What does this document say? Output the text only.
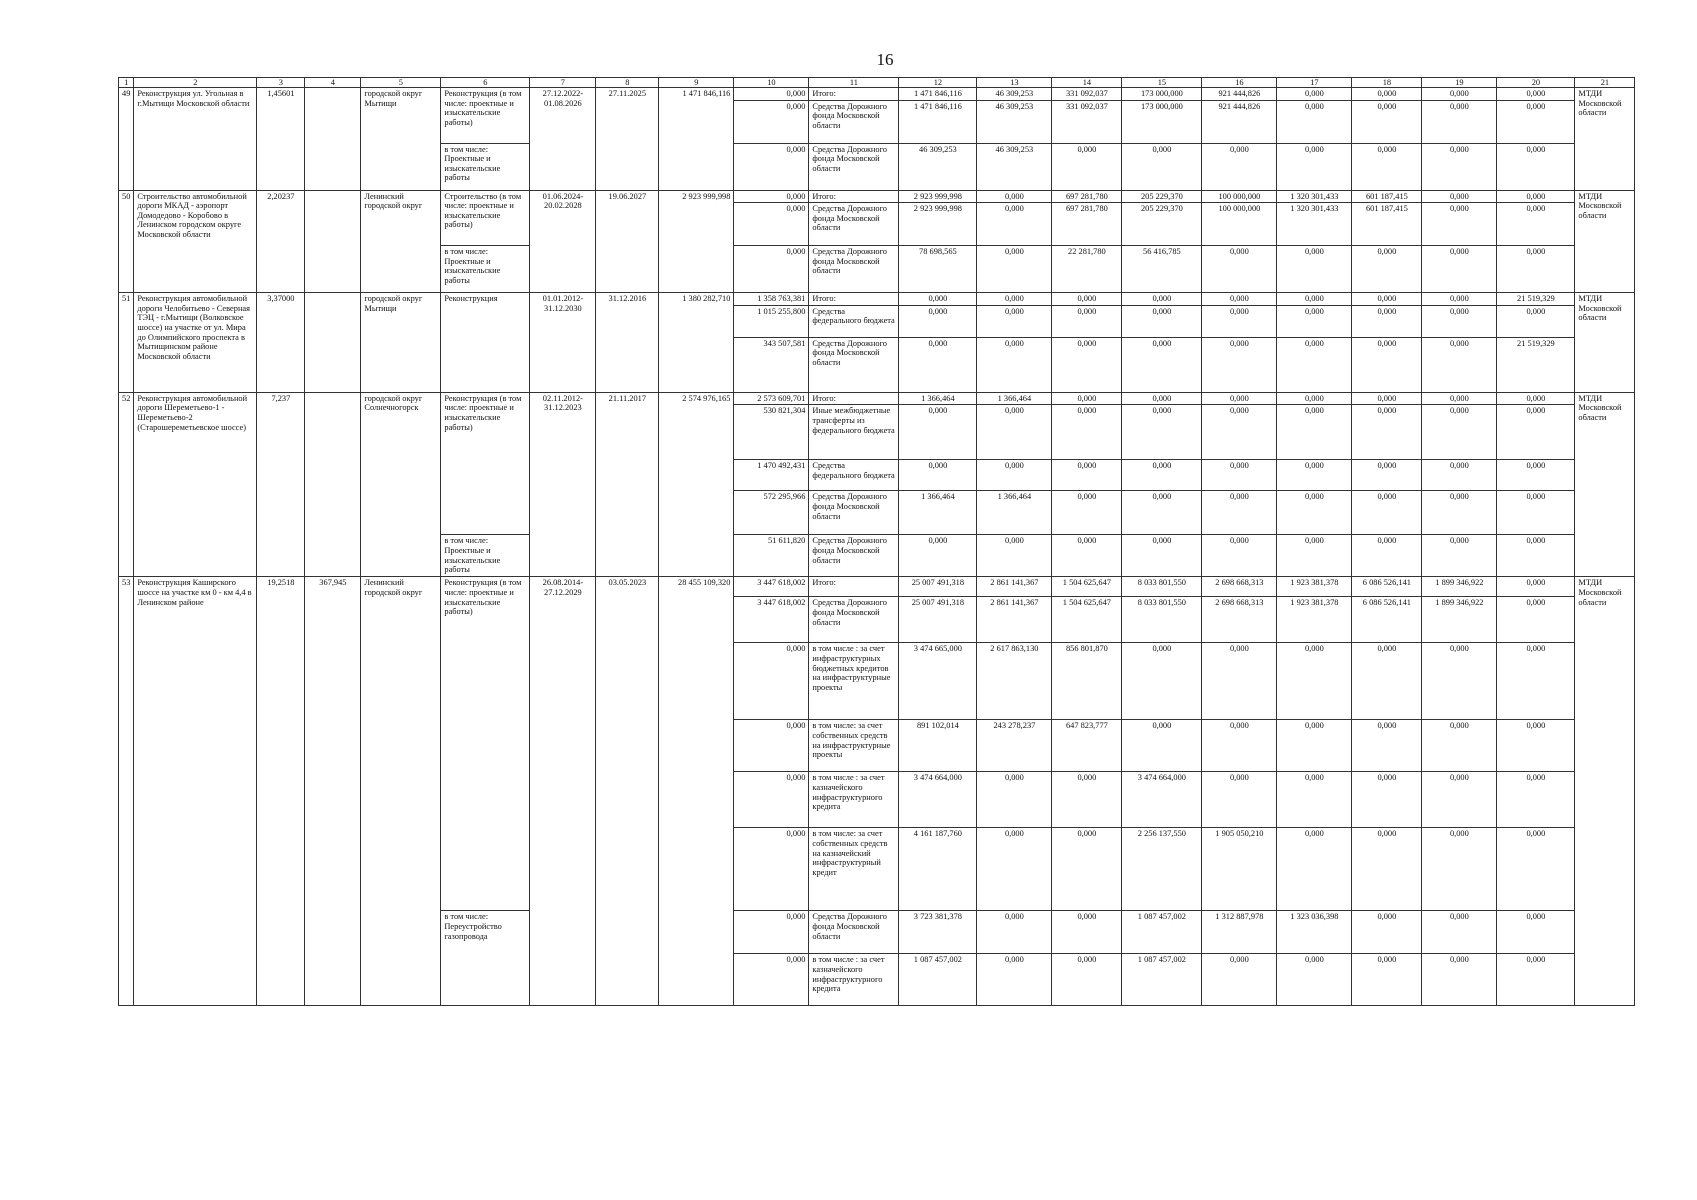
16
1	2	3	4	5	6	7	8	9	10	11	12	13	14	15	16	17	18	19	20	21
49	Реконструкция ул. Угольная в г.Мытищи Московской области	1,45601		городской округ Мытищи	Реконструкция (в том числе: проектные и изыскательские работы)	27.12.2022-01.08.2026	27.11.2025	1 471 846,116	0,000	Итого:	1 471 846,116	46 309,253	331 092,037	173 000,000	921 444,826	0,000	0,000	0,000	0,000	МТДИ Московской области
									0,000	Средства Дорожного фонда Московской области	1 471 846,116	46 309,253	331 092,037	173 000,000	921 444,826	0,000	0,000	0,000	0,000	
					в том числе: Проектные и изыскательские работы				0,000	Средства Дорожного фонда Московской области	46 309,253	46 309,253	0,000	0,000	0,000	0,000	0,000	0,000	0,000	
50	Строительство автомобильной дороги МКАД - аэропорт Домодедово - Коробово в Ленинском городском округе Московской области	2,20237		Ленинский городской округ	Строительство (в том числе: проектные и изыскательские работы)	01.06.2024-20.02.2028	19.06.2027	2 923 999,998	0,000	Итого:	2 923 999,998	0,000	697 281,780	205 229,370	100 000,000	1 320 301,433	601 187,415	0,000	0,000	МТДИ Московской области
									0,000	Средства Дорожного фонда Московской области	2 923 999,998	0,000	697 281,780	205 229,370	100 000,000	1 320 301,433	601 187,415	0,000	0,000	
					в том числе: Проектные и изыскательские работы				0,000	Средства Дорожного фонда Московской области	78 698,565	0,000	22 281,780	56 416,785	0,000	0,000	0,000	0,000	0,000	
51	Реконструкция автомобильной дороги Челобитьево - Северная ТЭЦ - г.Мытищи (Волковское шоссе) на участке от ул. Мира до Олимпийского проспекта в Мытищинском районе Московской области	3,37000		городской округ Мытищи	Реконструкция	01.01.2012-31.12.2030	31.12.2016	1 380 282,710	1 358 763,381	Итого:	0,000	0,000	0,000	0,000	0,000	0,000	0,000	0,000	21 519,329	МТДИ Московской области
									1 015 255,800	Средства федерального бюджета	0,000	0,000	0,000	0,000	0,000	0,000	0,000	0,000	0,000	
									343 507,581	Средства Дорожного фонда Московской области	0,000	0,000	0,000	0,000	0,000	0,000	0,000	0,000	21 519,329	
52	Реконструкция автомобильной дороги Шереметьево-1 - Шереметьево-2 (Старошереметьевское шоссе)	7,237		городской округ Солнечногорск	Реконструкция (в том числе: проектные и изыскательские работы)	02.11.2012-31.12.2023	21.11.2017	2 574 976,165	2 573 609,701	Итого:	1 366,464	1 366,464	0,000	0,000	0,000	0,000	0,000	0,000	0,000	МТДИ Московской области
									530 821,304	Иные межбюджетные трансферты из федерального бюджета	0,000	0,000	0,000	0,000	0,000	0,000	0,000	0,000	0,000	
									1 470 492,431	Средства федерального бюджета	0,000	0,000	0,000	0,000	0,000	0,000	0,000	0,000	0,000	
									572 295,966	Средства Дорожного фонда Московской области	1 366,464	1 366,464	0,000	0,000	0,000	0,000	0,000	0,000	0,000	
					в том числе: Проектные и изыскательские работы				51 611,820	Средства Дорожного фонда Московской области	0,000	0,000	0,000	0,000	0,000	0,000	0,000	0,000	0,000	
53	Реконструкция Каширского шоссе на участке км 0 - км 4,4 в Ленинском районе	19,2518	367,945	Ленинский городской округ	Реконструкция (в том числе: проектные и изыскательские работы)	26.08.2014-27.12.2029	03.05.2023	28 455 109,320	3 447 618,002	Итого:	25 007 491,318	2 861 141,367	1 504 625,647	8 033 801,550	2 698 668,313	1 923 381,378	6 086 526,141	1 899 346,922	0,000	МТДИ Московской области
									3 447 618,002	Средства Дорожного фонда Московской области	25 007 491,318	2 861 141,367	1 504 625,647	8 033 801,550	2 698 668,313	1 923 381,378	6 086 526,141	1 899 346,922	0,000	
									0,000	в том числе : за счет инфраструктурных бюджетных кредитов на инфраструктурные проекты	3 474 665,000	2 617 863,130	856 801,870	0,000	0,000	0,000	0,000	0,000	0,000	
									0,000	в том числе: за счет собственных средств на инфраструктурные проекты	891 102,014	243 278,237	647 823,777	0,000	0,000	0,000	0,000	0,000	0,000	
									0,000	в том числе : за счет казначейского инфраструктурного кредита	3 474 664,000	0,000	0,000	3 474 664,000	0,000	0,000	0,000	0,000	0,000	
									0,000	в том числе: за счет собственных средств на казначейский инфраструктурный кредит	4 161 187,760	0,000	0,000	2 256 137,550	1 905 050,210	0,000	0,000	0,000	0,000	
					в том числе: Переустройство газопровода				0,000	Средства Дорожного фонда Московской области	3 723 381,378	0,000	0,000	1 087 457,002	1 312 887,978	1 323 036,398	0,000	0,000	0,000	
									0,000	в том числе : за счет казначейского инфраструктурного кредита	1 087 457,002	0,000	0,000	1 087 457,002	0,000	0,000	0,000	0,000	0,000	
